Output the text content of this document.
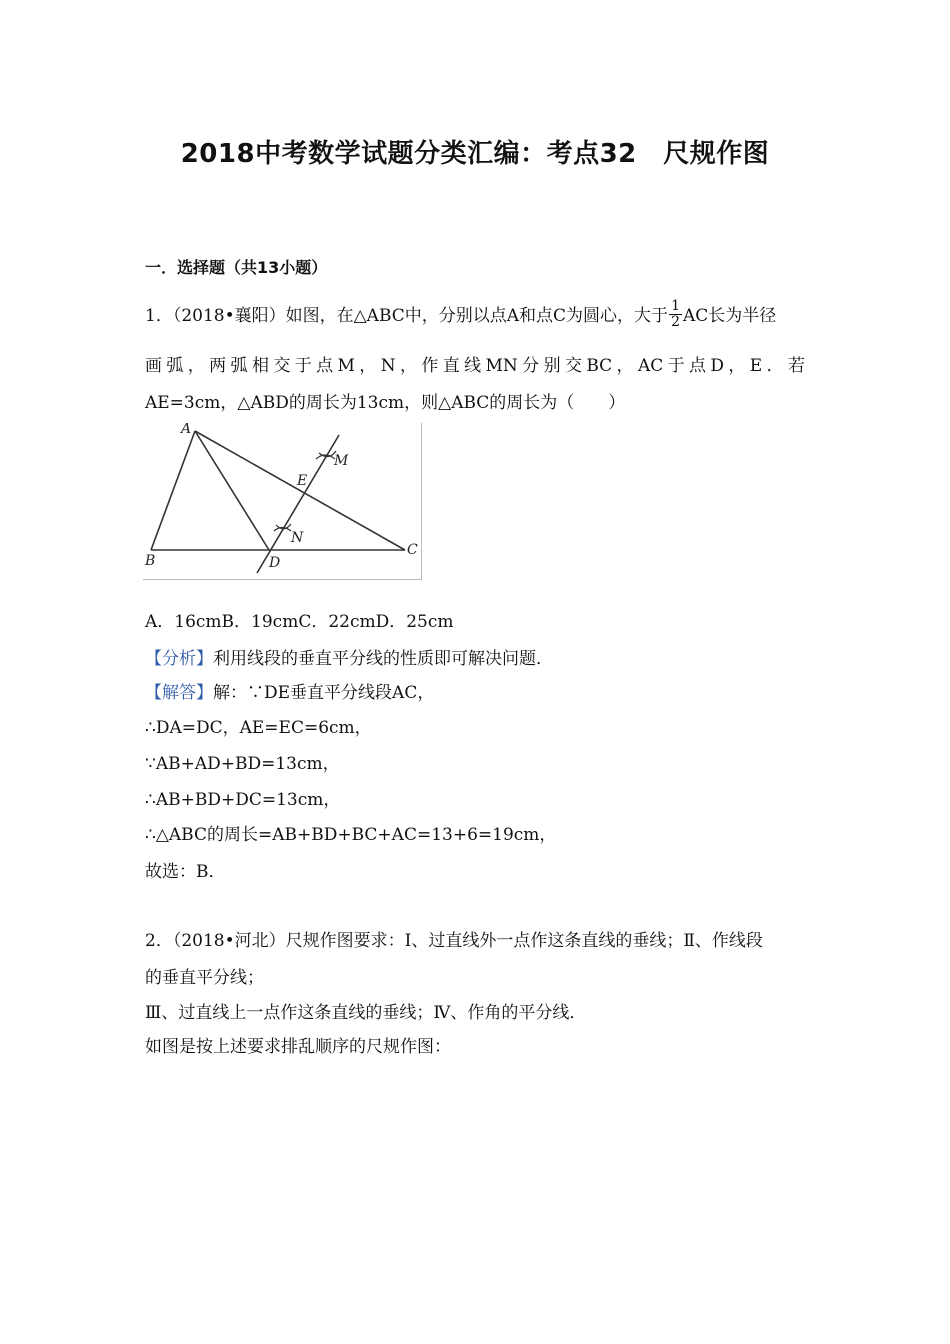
2018中考数学试题分类汇编：考点32　尺规作图
一．选择题（共13小题）
1．（2018•襄阳）如图，在△ABC中，分别以点A和点C为圆心，大于 $\frac{1}{2}$ AC长为半径
画弧，两弧相交于点M，N，作直线MN分别交BC，AC于点D，E．若
AE=3cm，△ABD的周长为13cm，则△ABC的周长为（　　）
A
B
C
D
E
M
N
A．16cmB．19cmC．22cmD．25cm
【分析】利用线段的垂直平分线的性质即可解决问题．
【解答】解：∵DE垂直平分线段AC，
∴DA=DC，AE=EC=6cm，
∵AB+AD+BD=13cm，
∴AB+BD+DC=13cm，
∴△ABC的周长=AB+BD+BC+AC=13+6=19cm，
故选：B．
2．（2018•河北）尺规作图要求：Ⅰ、过直线外一点作这条直线的垂线；Ⅱ、作线段
的垂直平分线；
Ⅲ、过直线上一点作这条直线的垂线；Ⅳ、作角的平分线．
如图是按上述要求排乱顺序的尺规作图：
